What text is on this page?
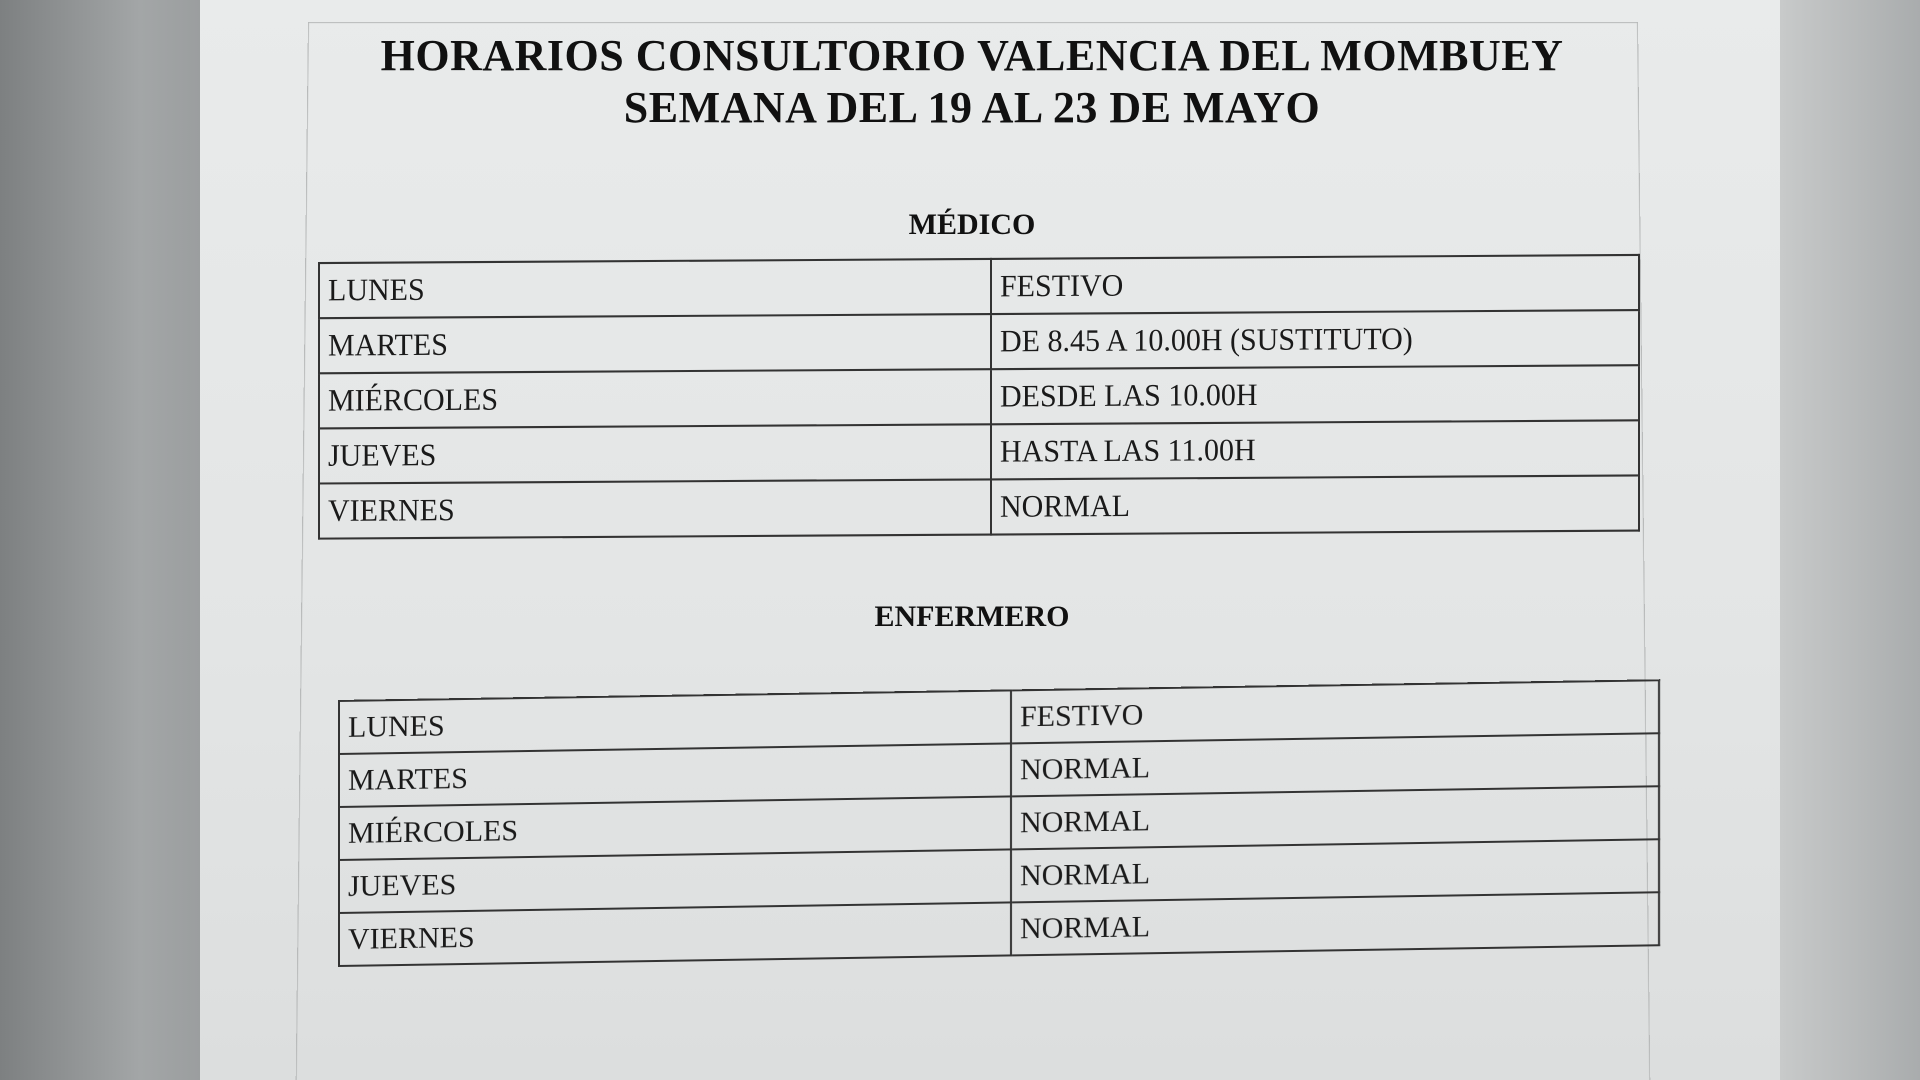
HORARIOS CONSULTORIO VALENCIA DEL MOMBUEY
SEMANA DEL 19 AL 23 DE MAYO
MÉDICO
LUNES	FESTIVO
MARTES	DE 8.45 A 10.00H (SUSTITUTO)
MIÉRCOLES	DESDE LAS 10.00H
JUEVES	HASTA LAS 11.00H
VIERNES	NORMAL
ENFERMERO
LUNES	FESTIVO
MARTES	NORMAL
MIÉRCOLES	NORMAL
JUEVES	NORMAL
VIERNES	NORMAL
